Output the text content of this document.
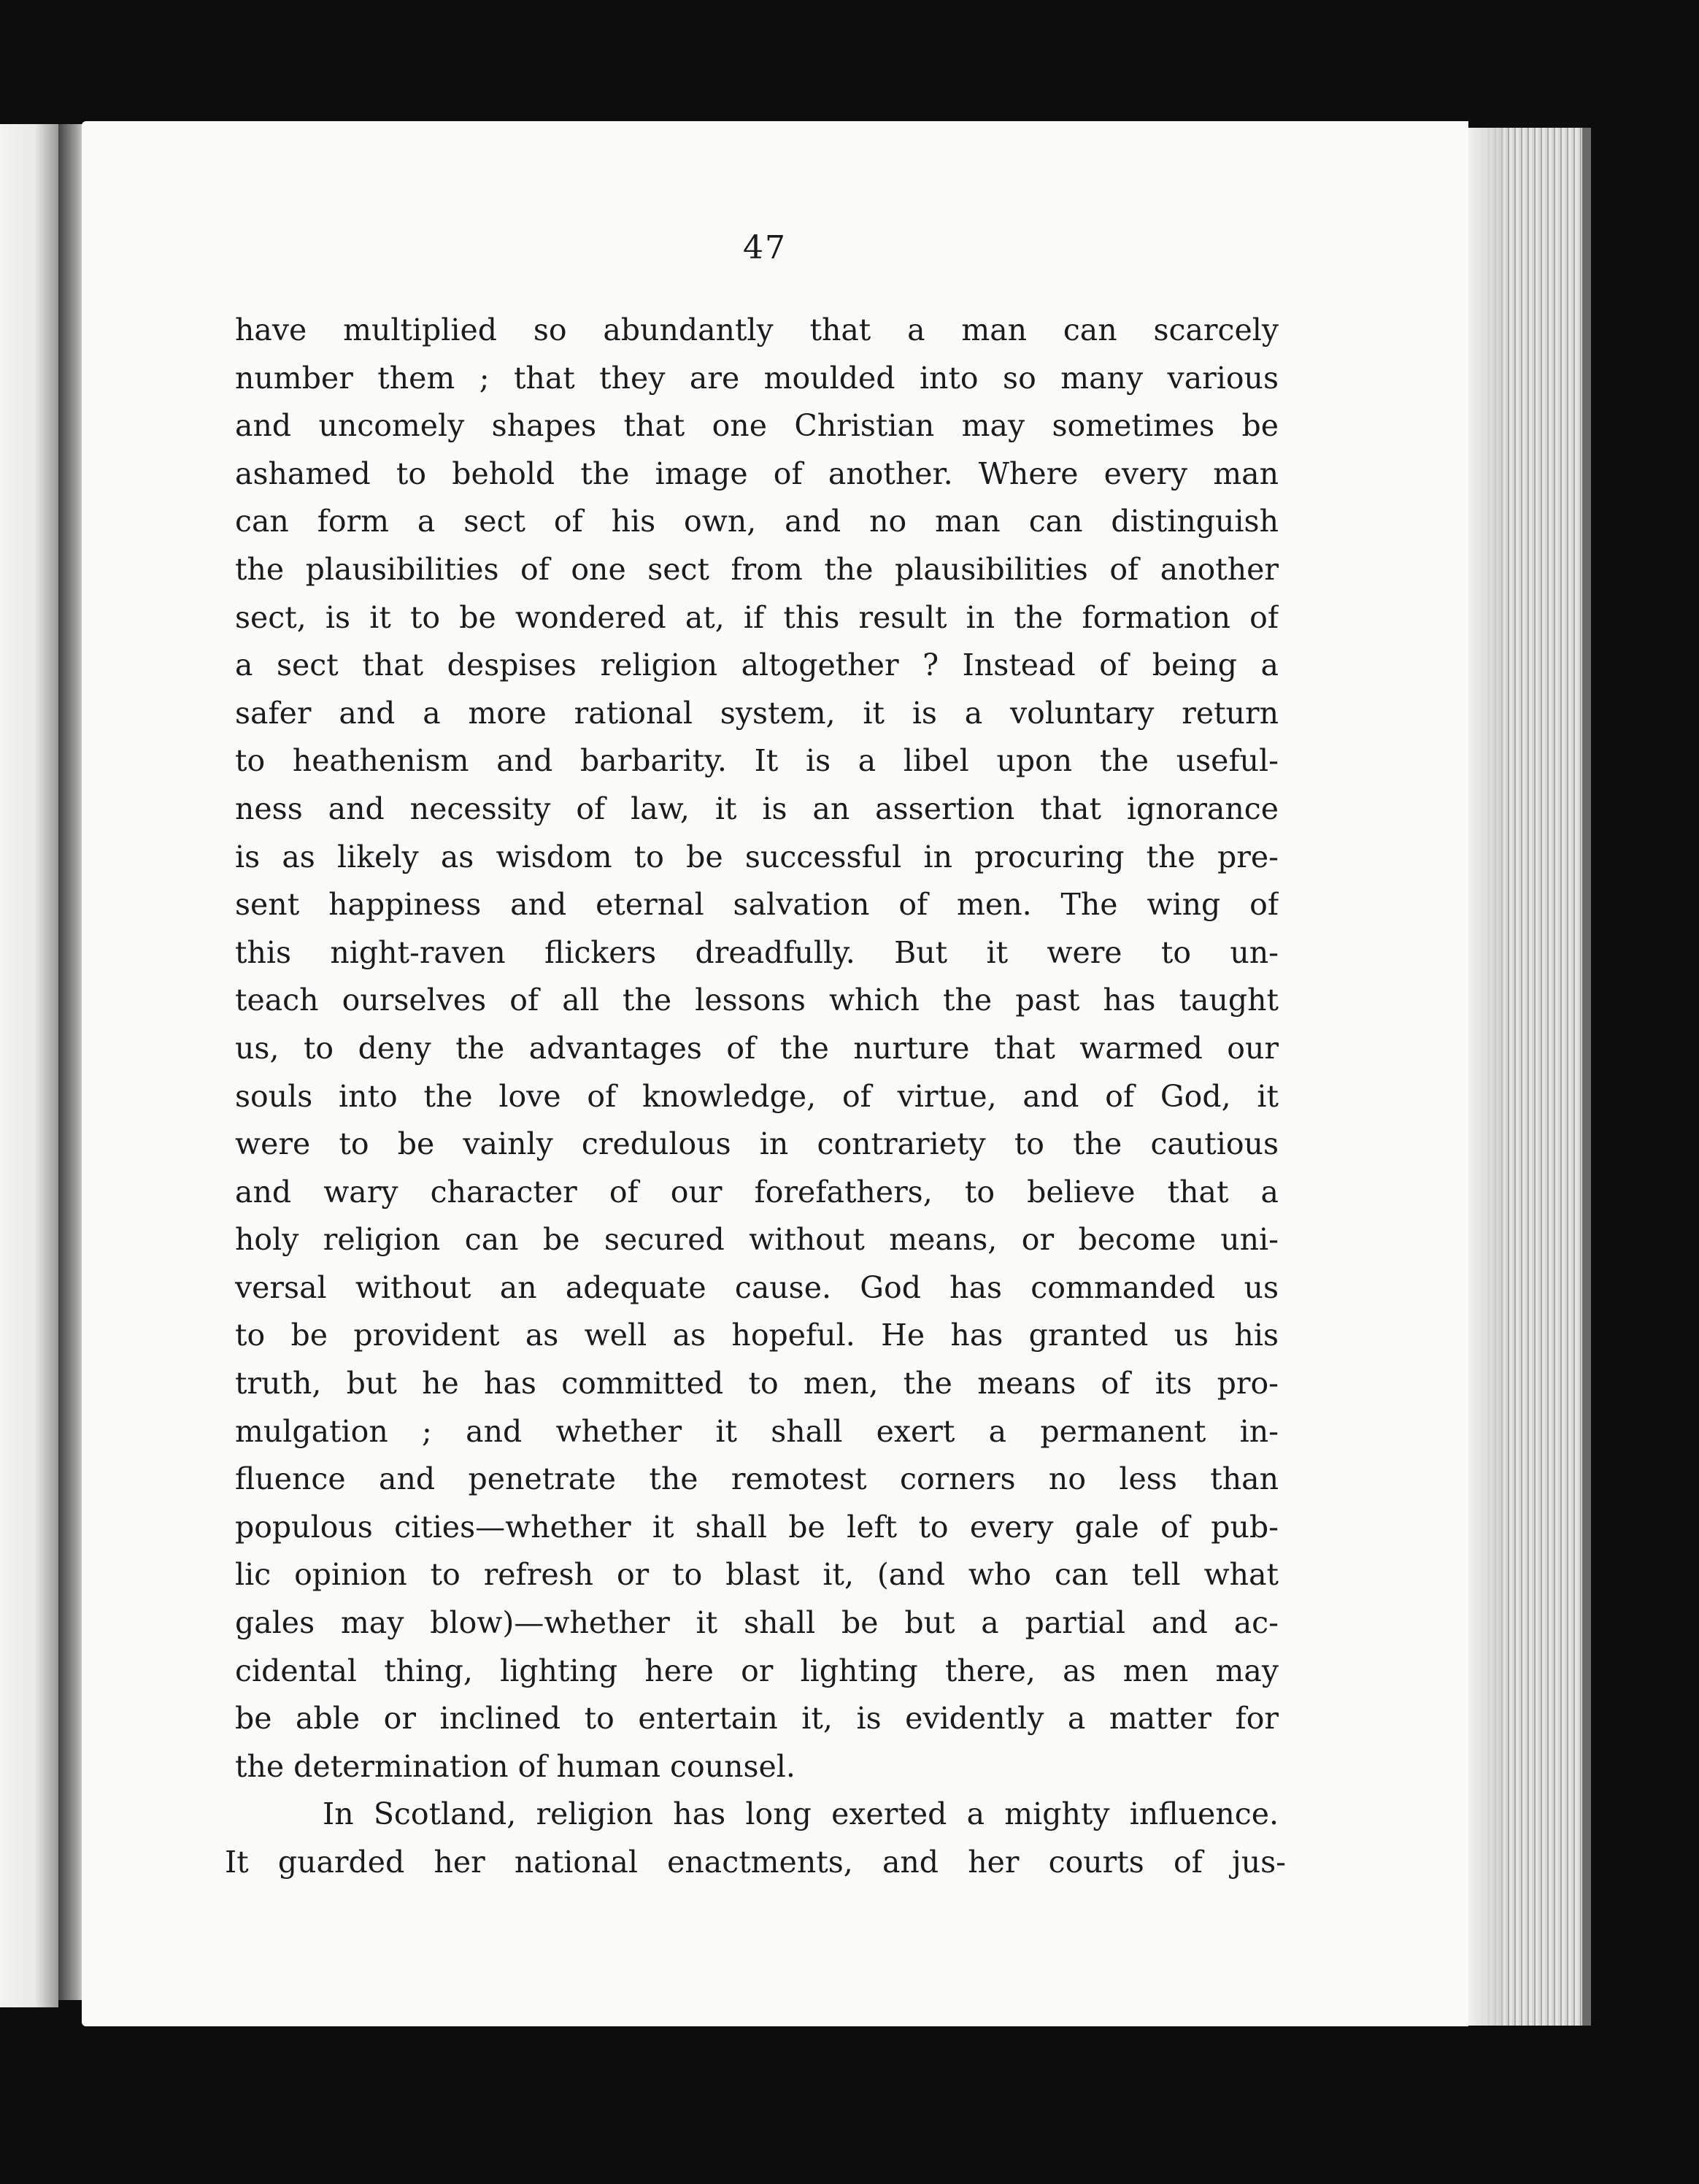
47
have multiplied so abundantly that a man can scarcely
number them ; that they are moulded into so many various
and uncomely shapes that one Christian may sometimes be
ashamed to behold the image of another. Where every man
can form a sect of his own, and no man can distinguish
the plausibilities of one sect from the plausibilities of another
sect, is it to be wondered at, if this result in the formation of
a sect that despises religion altogether ? Instead of being a
safer and a more rational system, it is a voluntary return
to heathenism and barbarity. It is a libel upon the useful-
ness and necessity of law, it is an assertion that ignorance
is as likely as wisdom to be successful in procuring the pre-
sent happiness and eternal salvation of men. The wing of
this night-raven flickers dreadfully. But it were to un-
teach ourselves of all the lessons which the past has taught
us, to deny the advantages of the nurture that warmed our
souls into the love of knowledge, of virtue, and of God, it
were to be vainly credulous in contrariety to the cautious
and wary character of our forefathers, to believe that a
holy religion can be secured without means, or become uni-
versal without an adequate cause. God has commanded us
to be provident as well as hopeful. He has granted us his
truth, but he has committed to men, the means of its pro-
mulgation ; and whether it shall exert a permanent in-
fluence and penetrate the remotest corners no less than
populous cities—whether it shall be left to every gale of pub-
lic opinion to refresh or to blast it, (and who can tell what
gales may blow)—whether it shall be but a partial and ac-
cidental thing, lighting here or lighting there, as men may
be able or inclined to entertain it, is evidently a matter for
the determination of human counsel.
In Scotland, religion has long exerted a mighty influence.
It guarded her national enactments, and her courts of jus-
